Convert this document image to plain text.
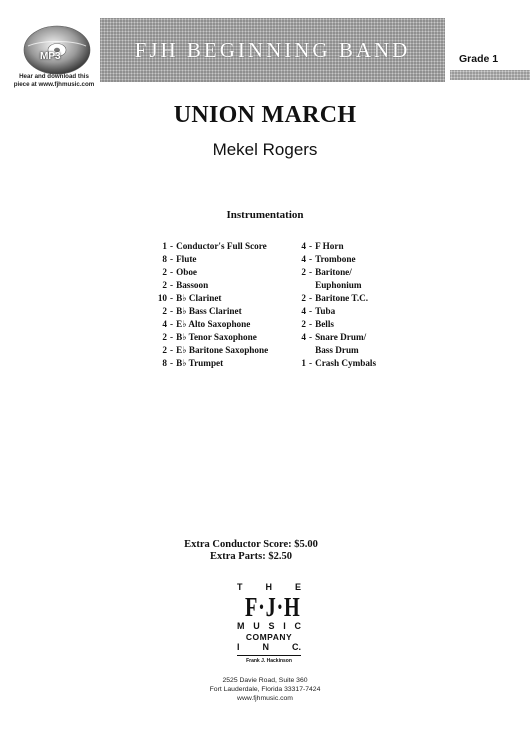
MP3
Hear and download this
piece at www.fjhmusic.com
FJH BEGINNING BAND	Grade 1
UNION MARCH
Mekel Rogers
Instrumentation
1 - Conductor's Full Score
8 - Flute
2 - Oboe
2 - Bassoon
10 - B♭ Clarinet
2 - B♭ Bass Clarinet
4 - E♭ Alto Saxophone
2 - B♭ Tenor Saxophone
2 - E♭ Baritone Saxophone
8 - B♭ Trumpet
4 - F Horn
4 - Trombone
2 - Baritone/
Euphonium
2 - Baritone T.C.
4 - Tuba
2 - Bells
4 - Snare Drum/
Bass Drum
1 - Crash Cymbals
Extra Conductor Score: $5.00
Extra Parts: $2.50
T	H	E
F·J·H
M U S I C
COMPANY
I	N	C.
Frank J. Hackinson
2525 Davie Road, Suite 360
Fort Lauderdale, Florida 33317-7424
www.fjhmusic.com
